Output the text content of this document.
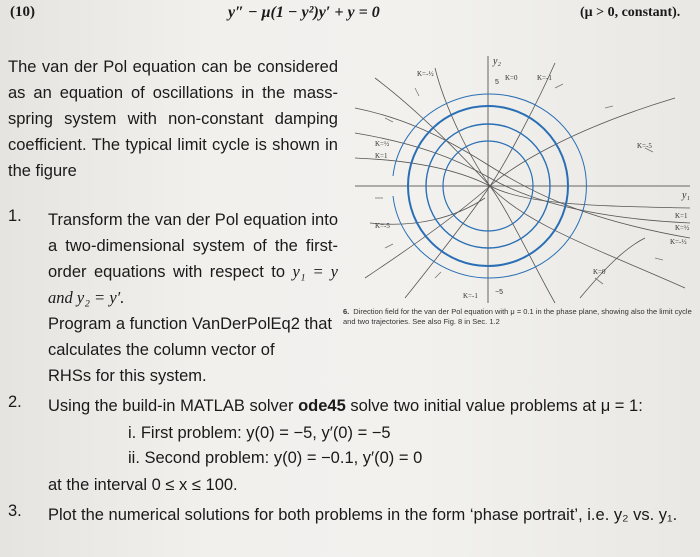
(10)	y″ − μ(1 − y²)y′ + y = 0	(μ > 0, constant).
The van der Pol equation can be considered as an equation of oscillations in the mass-spring system with non-constant damping coefficient. The typical limit cycle is shown in the figure
y₂
y₁
5
−5
K=-½	K=0	K=-1
K=½
K=1
K=-5
K=-5
K=1
K=½
K=-½
K=0
K=-1
6. Direction field for the van der Pol equation with μ = 0.1 in the phase plane, showing also the limit cycle and two trajectories. See also Fig. 8 in Sec. 1.2
1. Transform the van der Pol equation into a two-dimensional system of the first-order equations with respect to y₁ = y and y₂ = y′.
Program a function VanDerPolEq2 that calculates the column vector of
RHSs for this system.
2. Using the build-in MATLAB solver ode45 solve two initial value problems at μ = 1:
i. First problem: y(0) = −5, y′(0) = −5
ii. Second problem: y(0) = −0.1, y′(0) = 0
at the interval 0 ≤ x ≤ 100.
3. Plot the numerical solutions for both problems in the form ‘phase portrait’, i.e. y₂ vs. y₁.
